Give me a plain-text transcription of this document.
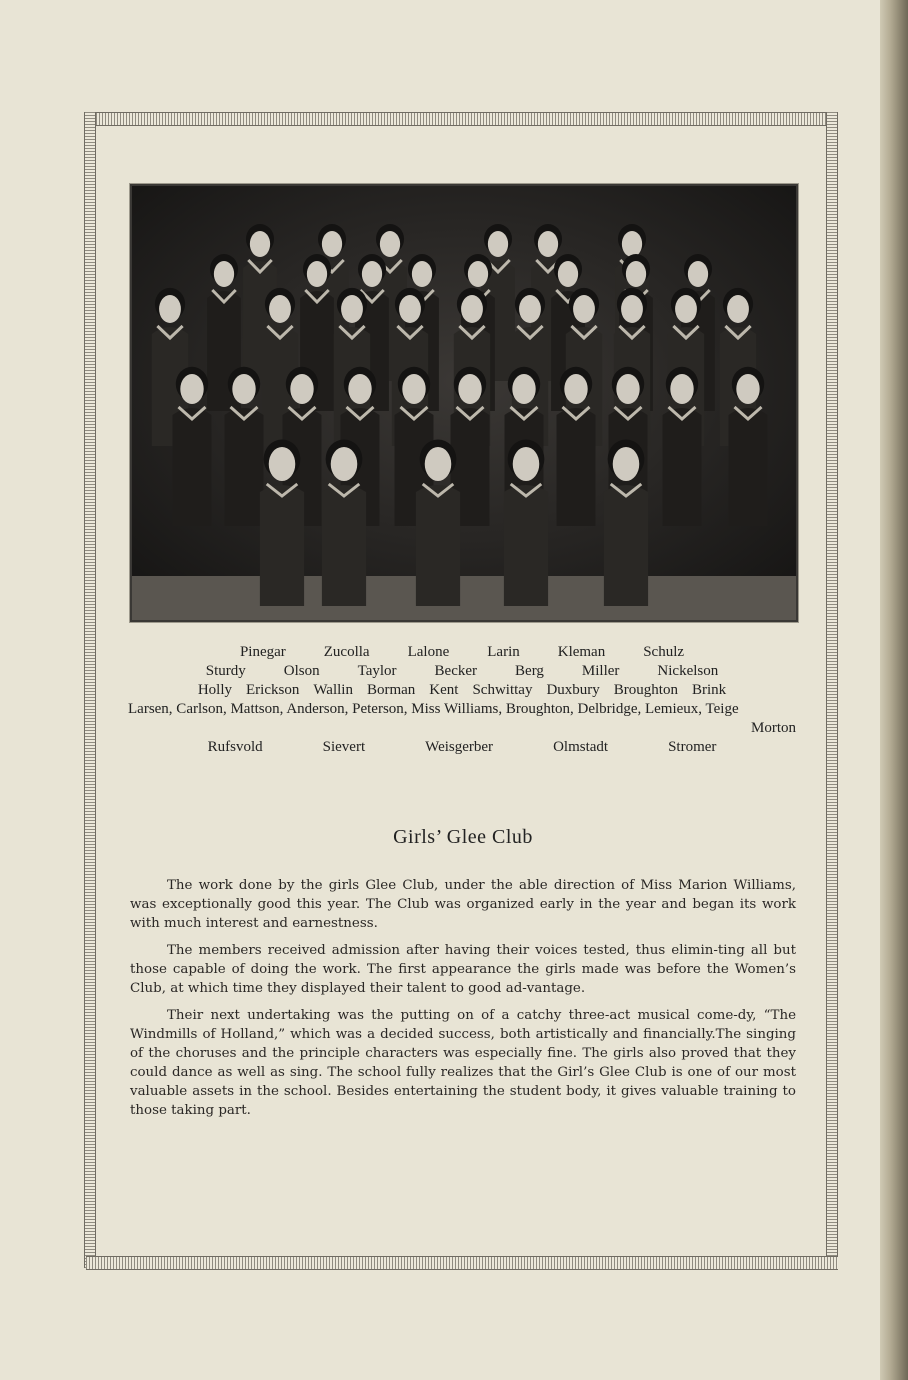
Pinegar	Zucolla	Lalone	Larin	Kleman	Schulz
Sturdy	Olson	Taylor	Becker	Berg	Miller	Nickelson
Holly Erickson Wallin Borman Kent Schwittay Duxbury Broughton Brink
Larsen, Carlson, Mattson, Anderson, Peterson, Miss Williams, Broughton, Delbridge, Lemieux, Teige
Morton
Rufsvold	Sievert	Weisgerber	Olmstadt	Stromer
Girls’ Glee Club

The work done by the girls Glee Club, under the able direction of Miss Marion Williams, was exceptionally good this year. The Club was organized early in the year and began its work with much interest and earnestness.

The members received admission after having their voices tested, thus elimin-ting all but those capable of doing the work. The first appearance the girls made was before the Women’s Club, at which time they displayed their talent to good ad-vantage.

Their next undertaking was the putting on of a catchy three-act musical come-dy, “The Windmills of Holland,” which was a decided success, both artistically and financially.The singing of the choruses and the principle characters was especially fine. The girls also proved that they could dance as well as sing. The school fully realizes that the Girl’s Glee Club is one of our most valuable assets in the school. Besides entertaining the student body, it gives valuable training to those taking part.
